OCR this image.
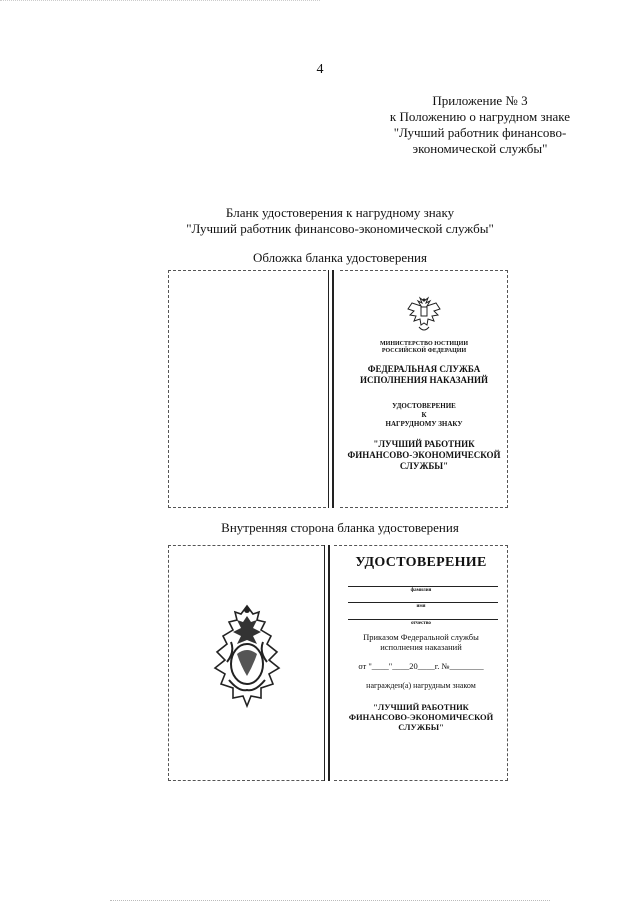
4
Приложение № 3
к Положению о нагрудном знаке
"Лучший работник финансово-
экономической службы"
Бланк удостоверения к нагрудному знаку
"Лучший работник финансово-экономической службы"
Обложка бланка удостоверения
МИНИСТЕРСТВО ЮСТИЦИИ
РОССИЙСКОЙ ФЕДЕРАЦИИ
ФЕДЕРАЛЬНАЯ СЛУЖБА
ИСПОЛНЕНИЯ НАКАЗАНИЙ
УДОСТОВЕРЕНИЕ
К
НАГРУДНОМУ ЗНАКУ
"ЛУЧШИЙ РАБОТНИК
ФИНАНСОВО-ЭКОНОМИЧЕСКОЙ
СЛУЖБЫ"
Внутренняя сторона бланка удостоверения
УДОСТОВЕРЕНИЕ
фамилия
имя
отчество
Приказом Федеральной службы
исполнения наказаний
от "____"____20____г. №________
награжден(а) нагрудным знаком
"ЛУЧШИЙ РАБОТНИК
ФИНАНСОВО-ЭКОНОМИЧЕСКОЙ
СЛУЖБЫ"
